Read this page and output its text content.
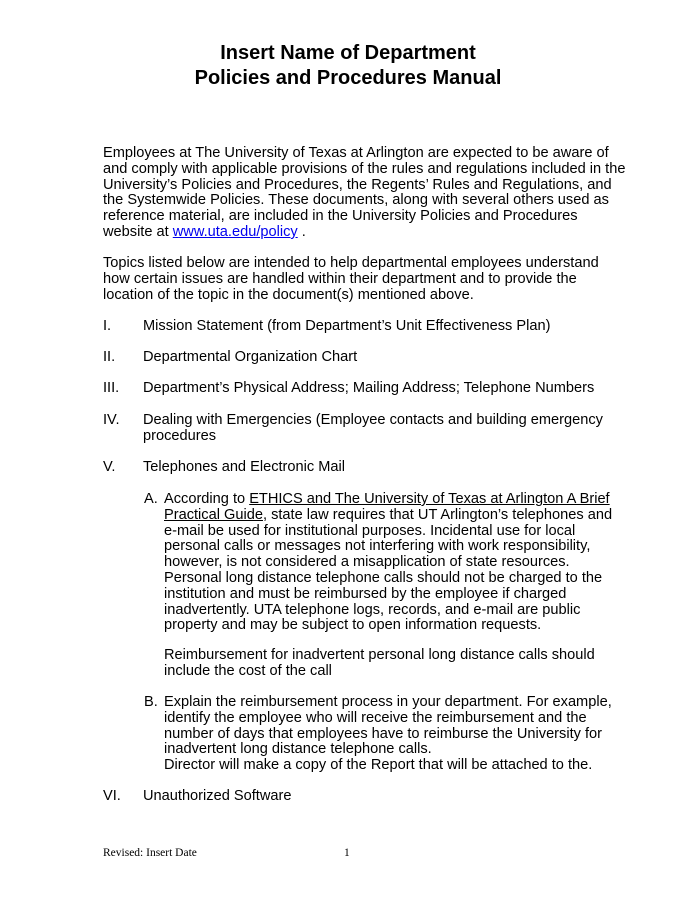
Insert Name of Department
Policies and Procedures Manual
Employees at The University of Texas at Arlington are expected to be aware of
and comply with applicable provisions of the rules and regulations included in the
University’s Policies and Procedures, the Regents’ Rules and Regulations, and
the Systemwide Policies. These documents, along with several others used as
reference material, are included in the University Policies and Procedures
website at www.uta.edu/policy .
Topics listed below are intended to help departmental employees understand
how certain issues are handled within their department and to provide the
location of the topic in the document(s) mentioned above.
I. Mission Statement (from Department’s Unit Effectiveness Plan)
II. Departmental Organization Chart
III. Department’s Physical Address; Mailing Address; Telephone Numbers
IV. Dealing with Emergencies (Employee contacts and building emergency
procedures
V. Telephones and Electronic Mail
A. According to ETHICS and The University of Texas at Arlington A Brief
Practical Guide, state law requires that UT Arlington’s telephones and
e-mail be used for institutional purposes. Incidental use for local
personal calls or messages not interfering with work responsibility,
however, is not considered a misapplication of state resources.
Personal long distance telephone calls should not be charged to the
institution and must be reimbursed by the employee if charged
inadvertently. UTA telephone logs, records, and e-mail are public
property and may be subject to open information requests.
Reimbursement for inadvertent personal long distance calls should
include the cost of the call
B. Explain the reimbursement process in your department. For example,
identify the employee who will receive the reimbursement and the
number of days that employees have to reimburse the University for
inadvertent long distance telephone calls.
Director will make a copy of the Report that will be attached to the.
VI. Unauthorized Software
Revised: Insert Date	1
